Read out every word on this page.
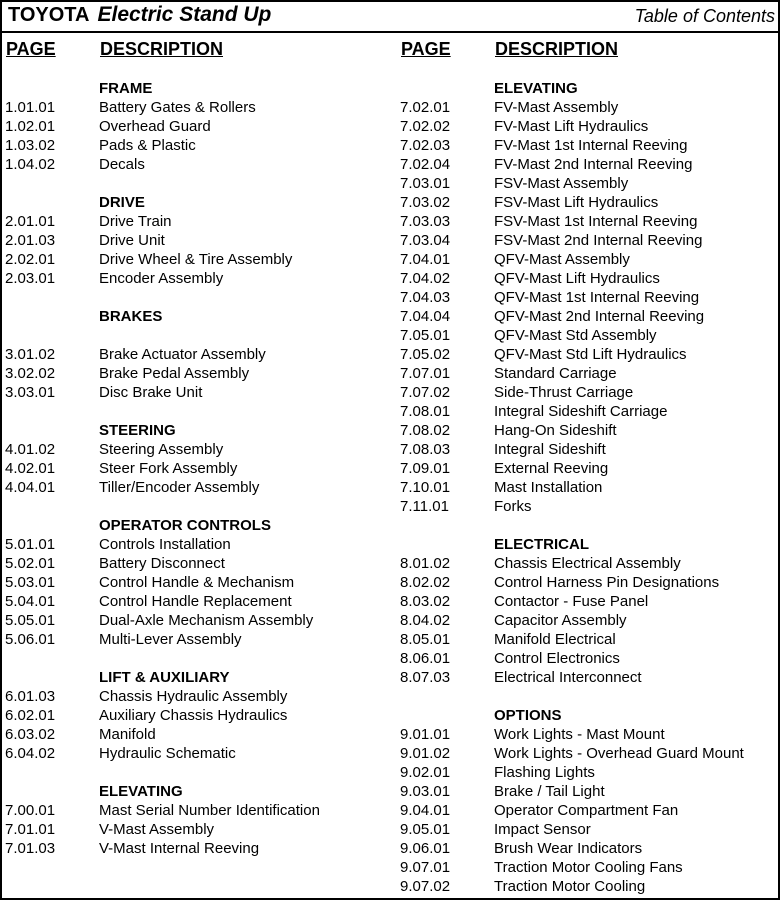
TOYOTA Electric Stand Up	Table of Contents
PAGE DESCRIPTION	PAGE DESCRIPTION
FRAME
1.01.01	Battery Gates & Rollers
1.02.01	Overhead Guard
1.03.02	Pads & Plastic
1.04.02	Decals
DRIVE
2.01.01	Drive Train
2.01.03	Drive Unit
2.02.01	Drive Wheel & Tire Assembly
2.03.01	Encoder Assembly
BRAKES
3.01.02	Brake Actuator Assembly
3.02.02	Brake Pedal Assembly
3.03.01	Disc Brake Unit
STEERING
4.01.02	Steering Assembly
4.02.01	Steer Fork Assembly
4.04.01	Tiller/Encoder Assembly
OPERATOR CONTROLS
5.01.01	Controls Installation
5.02.01	Battery Disconnect
5.03.01	Control Handle & Mechanism
5.04.01	Control Handle Replacement
5.05.01	Dual-Axle Mechanism Assembly
5.06.01	Multi-Lever Assembly
LIFT & AUXILIARY
6.01.03	Chassis Hydraulic Assembly
6.02.01	Auxiliary Chassis Hydraulics
6.03.02	Manifold
6.04.02	Hydraulic Schematic
ELEVATING
7.00.01	Mast Serial Number Identification
7.01.01	V-Mast Assembly
7.01.03	V-Mast Internal Reeving
ELEVATING
7.02.01	FV-Mast Assembly
7.02.02	FV-Mast Lift Hydraulics
7.02.03	FV-Mast 1st Internal Reeving
7.02.04	FV-Mast 2nd Internal Reeving
7.03.01	FSV-Mast Assembly
7.03.02	FSV-Mast Lift Hydraulics
7.03.03	FSV-Mast 1st Internal Reeving
7.03.04	FSV-Mast 2nd Internal Reeving
7.04.01	QFV-Mast Assembly
7.04.02	QFV-Mast Lift Hydraulics
7.04.03	QFV-Mast 1st Internal Reeving
7.04.04	QFV-Mast 2nd Internal Reeving
7.05.01	QFV-Mast Std Assembly
7.05.02	QFV-Mast Std Lift Hydraulics
7.07.01	Standard Carriage
7.07.02	Side-Thrust Carriage
7.08.01	Integral Sideshift Carriage
7.08.02	Hang-On Sideshift
7.08.03	Integral Sideshift
7.09.01	External Reeving
7.10.01	Mast Installation
7.11.01	Forks
ELECTRICAL
8.01.02	Chassis Electrical Assembly
8.02.02	Control Harness Pin Designations
8.03.02	Contactor - Fuse Panel
8.04.02	Capacitor Assembly
8.05.01	Manifold Electrical
8.06.01	Control Electronics
8.07.03	Electrical Interconnect
OPTIONS
9.01.01	Work Lights - Mast Mount
9.01.02	Work Lights - Overhead Guard Mount
9.02.01	Flashing Lights
9.03.01	Brake / Tail Light
9.04.01	Operator Compartment Fan
9.05.01	Impact Sensor
9.06.01	Brush Wear Indicators
9.07.01	Traction Motor Cooling Fans
9.07.02	Traction Motor Cooling
